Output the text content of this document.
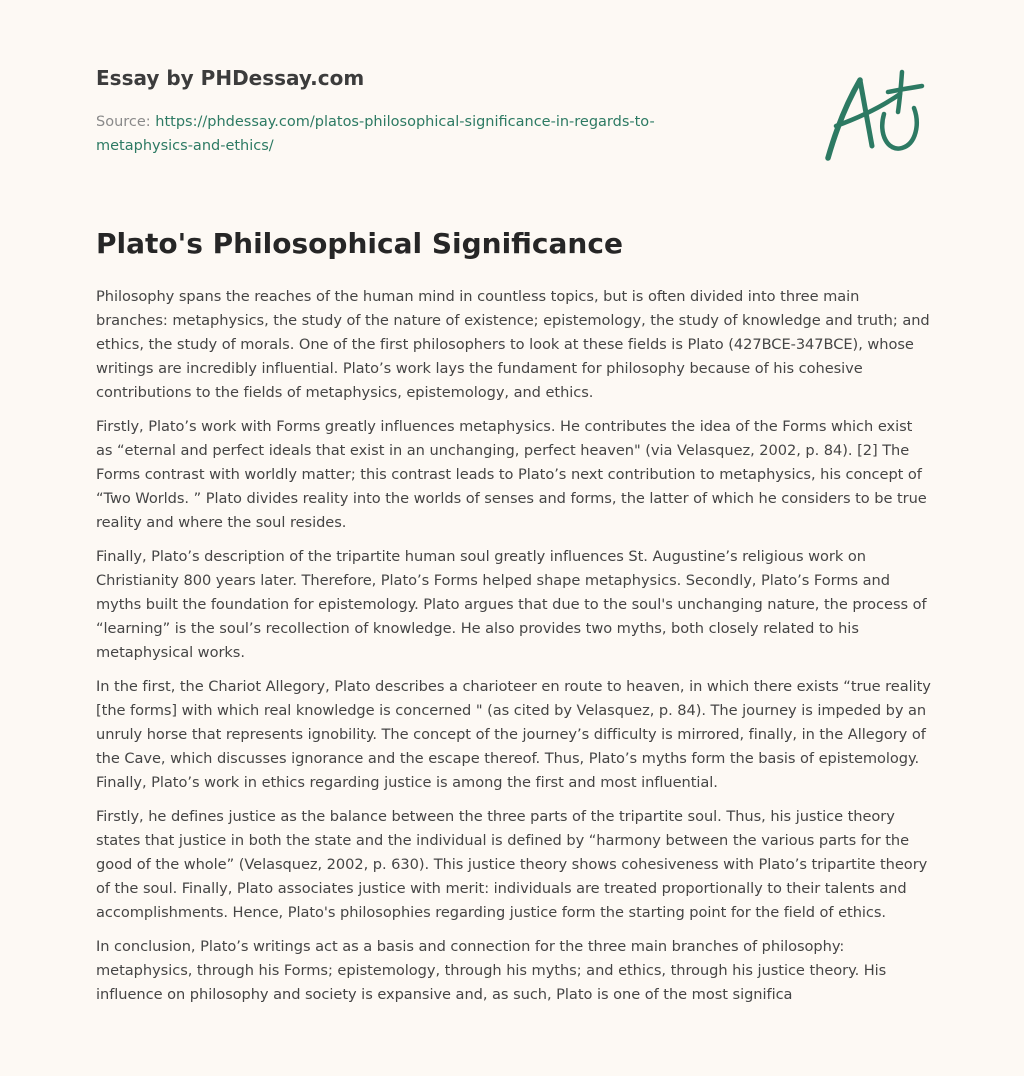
Essay by PHDessay.com
Source: https://phdessay.com/platos-philosophical-significance-in-regards-to-
metaphysics-and-ethics/
Plato's Philosophical Significance

Philosophy spans the reaches of the human mind in countless topics, but is often divided into three main branches: metaphysics, the study of the nature of existence; epistemology, the study of knowledge and truth; and ethics, the study of morals. One of the first philosophers to look at these fields is Plato (427BCE-347BCE), whose writings are incredibly influential. Plato’s work lays the fundament for philosophy because of his cohesive contributions to the fields of metaphysics, epistemology, and ethics.

Firstly, Plato’s work with Forms greatly influences metaphysics. He contributes the idea of the Forms which exist as “eternal and perfect ideals that exist in an unchanging, perfect heaven" (via Velasquez, 2002, p. 84). [2] The Forms contrast with worldly matter; this contrast leads to Plato’s next contribution to metaphysics, his concept of “Two Worlds. ” Plato divides reality into the worlds of senses and forms, the latter of which he considers to be true reality and where the soul resides.

Finally, Plato’s description of the tripartite human soul greatly influences St. Augustine’s religious work on Christianity 800 years later. Therefore, Plato’s Forms helped shape metaphysics. Secondly, Plato’s Forms and myths built the foundation for epistemology. Plato argues that due to the soul's unchanging nature, the process of “learning” is the soul’s recollection of knowledge. He also provides two myths, both closely related to his metaphysical works.

In the first, the Chariot Allegory, Plato describes a charioteer en route to heaven, in which there exists “true reality [the forms] with which real knowledge is concerned " (as cited by Velasquez, p. 84). The journey is impeded by an unruly horse that represents ignobility. The concept of the journey’s difficulty is mirrored, finally, in the Allegory of the Cave, which discusses ignorance and the escape thereof. Thus, Plato’s myths form the basis of epistemology. Finally, Plato’s work in ethics regarding justice is among the first and most influential.

Firstly, he defines justice as the balance between the three parts of the tripartite soul. Thus, his justice theory states that justice in both the state and the individual is defined by “harmony between the various parts for the good of the whole” (Velasquez, 2002, p. 630). This justice theory shows cohesiveness with Plato’s tripartite theory of the soul. Finally, Plato associates justice with merit: individuals are treated proportionally to their talents and accomplishments. Hence, Plato's philosophies regarding justice form the starting point for the field of ethics.

In conclusion, Plato’s writings act as a basis and connection for the three main branches of philosophy: metaphysics, through his Forms; epistemology, through his myths; and ethics, through his justice theory. His influence on philosophy and society is expansive and, as such, Plato is one of the most significa
